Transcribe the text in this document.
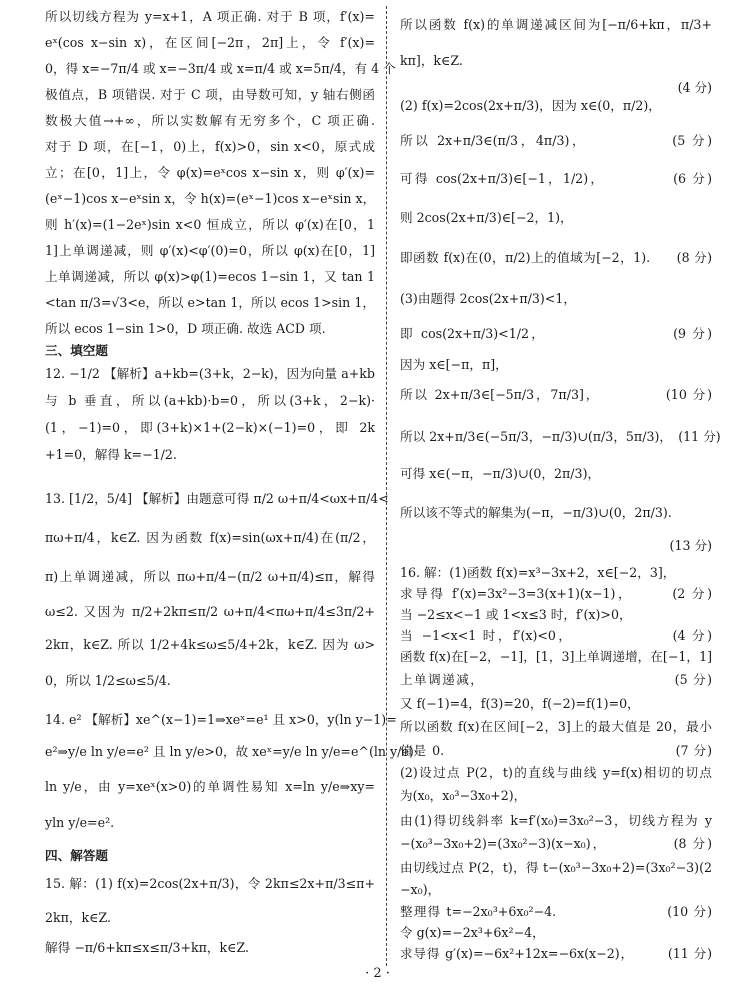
所以切线方程为 y=x+1，A 项正确. 对于 B 项，f′(x)=
eˣ(cos x−sin x)，在区间[−2π，2π]上，令 f′(x)=
0，得 x=−7π/4 或 x=−3π/4 或 x=π/4 或 x=5π/4，有 4 个
极值点，B 项错误. 对于 C 项，由导数可知，y 轴右侧函
数极大值→+∞，所以实数解有无穷多个，C 项正确.
对于 D 项，在[−1，0)上，f(x)>0，sin x<0，原式成
立；在[0，1]上，令 φ(x)=eˣcos x−sin x，则 φ′(x)=
(eˣ−1)cos x−eˣsin x，令 h(x)=(eˣ−1)cos x−eˣsin x，
则 h′(x)=(1−2eˣ)sin x<0 恒成立，所以 φ′(x)在[0，1
1]上单调递减，则 φ′(x)<φ′(0)=0，所以 φ(x)在[0，1]
上单调递减，所以 φ(x)>φ(1)=ecos 1−sin 1，又 tan 1
<tan π/3=√3<e，所以 e>tan 1，所以 ecos 1>sin 1，
所以 ecos 1−sin 1>0，D 项正确. 故选 ACD 项.
三、填空题
12. −1/2 【解析】a+kb=(3+k，2−k)，因为向量 a+kb
与 b 垂直，所以(a+kb)·b=0，所以(3+k，2−k)·
(1，−1)=0，即(3+k)×1+(2−k)×(−1)=0，即 2k
+1=0，解得 k=−1/2.
13. [1/2，5/4] 【解析】由题意可得 π/2 ω+π/4<ωx+π/4<
πω+π/4，k∈Z. 因为函数 f(x)=sin(ωx+π/4)在(π/2，
π)上单调递减，所以 πω+π/4−(π/2 ω+π/4)≤π，解得
ω≤2. 又因为 π/2+2kπ≤π/2 ω+π/4<πω+π/4≤3π/2+
2kπ，k∈Z. 所以 1/2+4k≤ω≤5/4+2k，k∈Z. 因为 ω>
0，所以 1/2≤ω≤5/4.
14. e² 【解析】xe^(x−1)=1⇒xeˣ=e¹ 且 x>0，y(ln y−1)=
e²⇒y/e ln y/e=e² 且 ln y/e>0，故 xeˣ=y/e ln y/e=e^(ln y/e)·
ln y/e，由 y=xeˣ(x>0)的单调性易知 x=ln y/e⇒xy=
yln y/e=e².
四、解答题
15. 解：(1) f(x)=2cos(2x+π/3)，令 2kπ≤2x+π/3≤π+
2kπ，k∈Z.
解得 −π/6+kπ≤x≤π/3+kπ，k∈Z.
所以函数 f(x)的单调递减区间为[−π/6+kπ，π/3+
kπ]，k∈Z.
(4 分)
(2) f(x)=2cos(2x+π/3)，因为 x∈(0，π/2)，
所以 2x+π/3∈(π/3，4π/3)，　　　　　　(5 分)
可得 cos(2x+π/3)∈[−1，1/2)，　　　　　(6 分)
则 2cos(2x+π/3)∈[−2，1)，
即函数 f(x)在(0，π/2)上的值域为[−2，1).　　(8 分)
(3)由题得 2cos(2x+π/3)<1，
即 cos(2x+π/3)<1/2，　　　　　　　　　(9 分)
因为 x∈[−π，π]，
所以 2x+π/3∈[−5π/3，7π/3]，　　　　　(10 分)
所以 2x+π/3∈(−5π/3，−π/3)∪(π/3，5π/3)，　(11 分)
可得 x∈(−π，−π/3)∪(0，2π/3)，
所以该不等式的解集为(−π，−π/3)∪(0，2π/3).
(13 分)
16. 解：(1)函数 f(x)=x³−3x+2，x∈[−2，3]，
求导得 f′(x)=3x²−3=3(x+1)(x−1)，　　　(2 分)
当 −2≤x<−1 或 1<x≤3 时，f′(x)>0，
当 −1<x<1 时，f′(x)<0，　　　　　　　(4 分)
函数 f(x)在[−2，−1]，[1，3]上单调递增，在[−1，1]
上单调递减，　　　　　　　　　　　　　　(5 分)
又 f(−1)=4，f(3)=20，f(−2)=f(1)=0，
所以函数 f(x)在区间[−2，3]上的最大值是 20，最小
值是 0.　　　　　　　　　　　　　　　　　(7 分)
(2)设过点 P(2，t)的直线与曲线 y=f(x)相切的切点
为(x₀，x₀³−3x₀+2)，
由(1)得切线斜率 k=f′(x₀)=3x₀²−3，切线方程为 y
−(x₀³−3x₀+2)=(3x₀²−3)(x−x₀)，　　　　　(8 分)
由切线过点 P(2，t)，得 t−(x₀³−3x₀+2)=(3x₀²−3)(2
−x₀)，
整理得 t=−2x₀³+6x₀²−4.　　　　　　　　(10 分)
令 g(x)=−2x³+6x²−4，
求导得 g′(x)=−6x²+12x=−6x(x−2)，　　　(11 分)
· 2 ·
